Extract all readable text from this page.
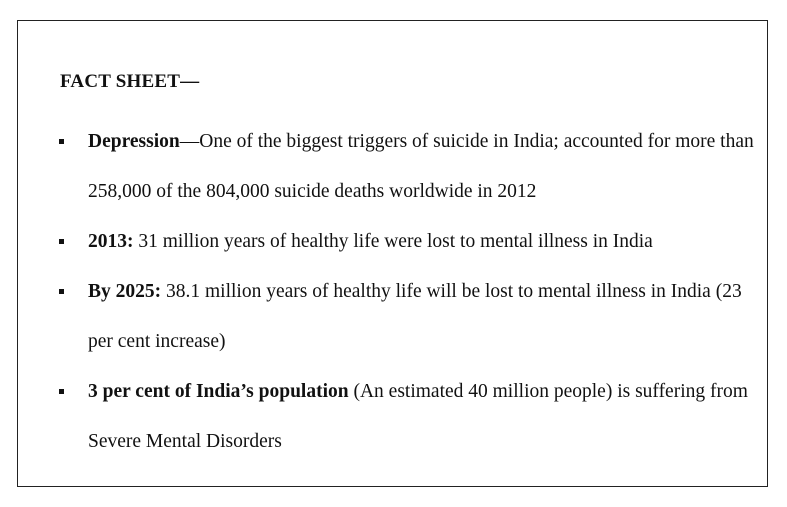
FACT SHEET—
Depression—One of the biggest triggers of suicide in India; accounted for more than 258,000 of the 804,000 suicide deaths worldwide in 2012
2013: 31 million years of healthy life were lost to mental illness in India
By 2025: 38.1 million years of healthy life will be lost to mental illness in India (23 per cent increase)
3 per cent of India’s population (An estimated 40 million people) is suffering from Severe Mental Disorders
